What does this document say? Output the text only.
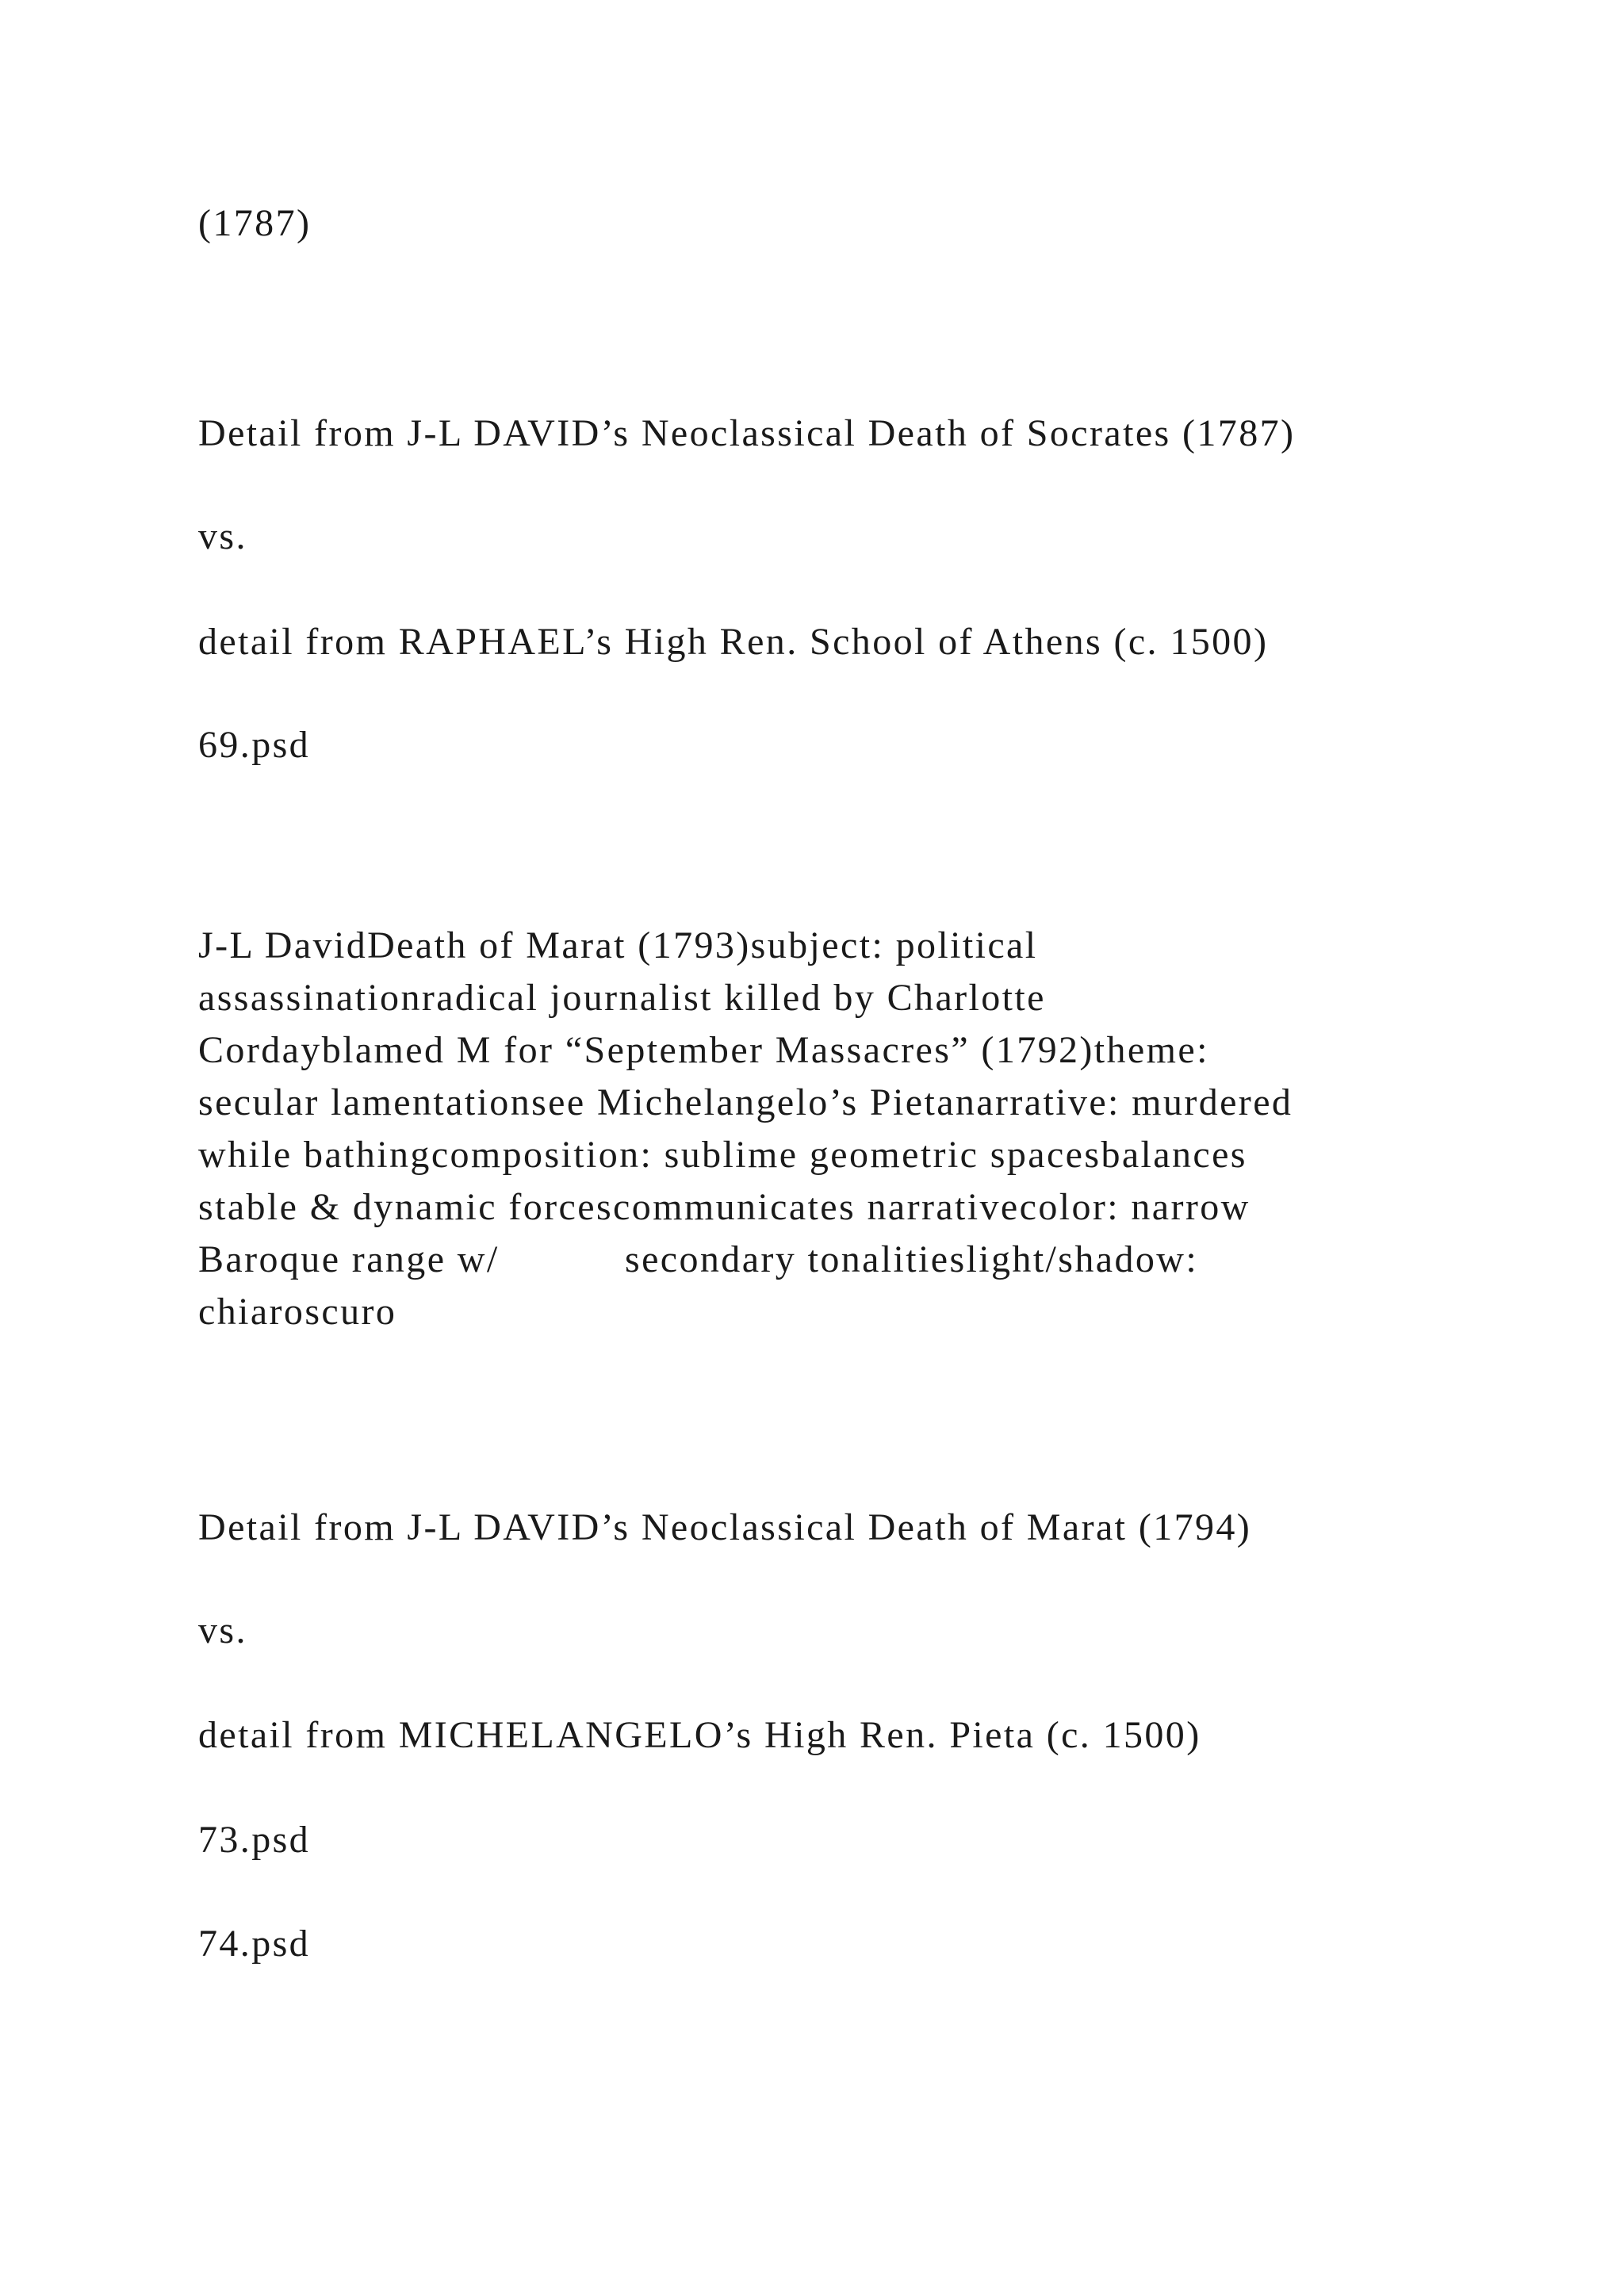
(1787)

Detail from J-L DAVID’s Neoclassical Death of Socrates (1787)

vs.

detail from RAPHAEL’s High Ren. School of Athens (c. 1500)

69.psd

J-L DavidDeath of Marat (1793)subject: political
assassinationradical journalist killed by Charlotte
Cordayblamed M for “September Massacres” (1792)theme:
secular lamentationsee Michelangelo’s Pietanarrative: murdered
while bathingcomposition: sublime geometric spacesbalances
stable & dynamic forcescommunicates narrativecolor: narrow
Baroque range w/           secondary tonalitieslight/shadow:
chiaroscuro

Detail from J-L DAVID’s Neoclassical Death of Marat (1794)

vs.

detail from MICHELANGELO’s High Ren. Pieta (c. 1500)

73.psd

74.psd
